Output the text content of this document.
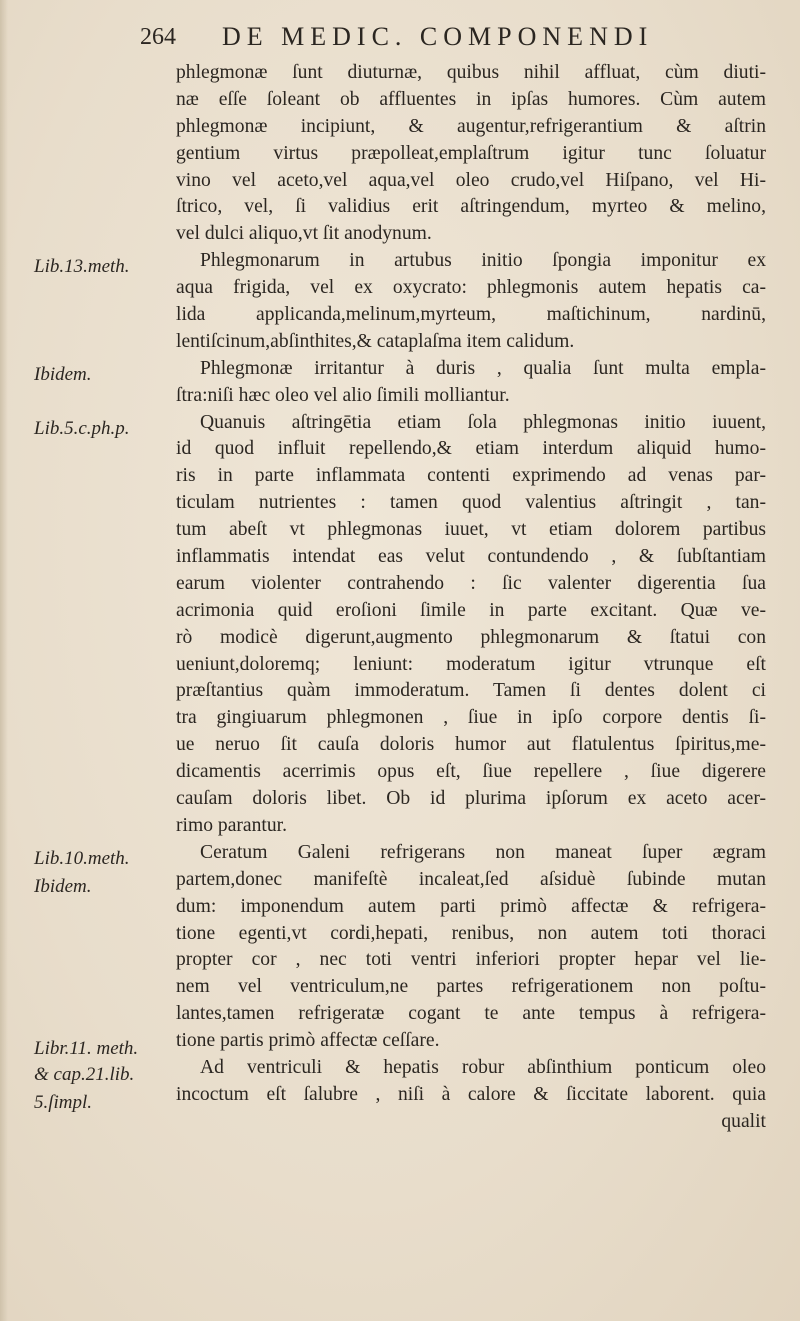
264 DE MEDIC. COMPONENDI
phlegmonæ ſunt diuturnæ, quibus nihil affluat, cùm diuti-
næ eſſe ſoleant ob affluentes in ipſas humores. Cùm autem
phlegmonæ incipiunt, & augentur,refrigerantium & aſtrin
gentium virtus præpolleat,emplaſtrum igitur tunc ſoluatur
vino vel aceto,vel aqua,vel oleo crudo,vel Hiſpano, vel Hi-
ſtrico, vel, ſi validius erit aſtringendum, myrteo & melino,
vel dulci aliquo,vt ſit anodynum.
Phlegmonarum in artubus initio ſpongia imponitur ex
aqua frigida, vel ex oxycrato: phlegmonis autem hepatis ca-
lida applicanda,melinum,myrteum, maſtichinum, nardinū,
lentiſcinum,abſinthites,& cataplaſma item calidum.
Phlegmonæ irritantur à duris , qualia ſunt multa empla-
ſtra:niſi hæc oleo vel alio ſimili molliantur.
Quanuis aſtringētia etiam ſola phlegmonas initio iuuent,
id quod influit repellendo,& etiam interdum aliquid humo-
ris in parte inflammata contenti exprimendo ad venas par-
ticulam nutrientes : tamen quod valentius aſtringit , tan-
tum abeſt vt phlegmonas iuuet, vt etiam dolorem partibus
inflammatis intendat eas velut contundendo , & ſubſtantiam
earum violenter contrahendo : ſic valenter digerentia ſua
acrimonia quid eroſioni ſimile in parte excitant. Quæ ve-
rò modicè digerunt,augmento phlegmonarum & ſtatui con
ueniunt,doloremq; leniunt: moderatum igitur vtrunque eſt
præſtantius quàm immoderatum. Tamen ſi dentes dolent ci
tra gingiuarum phlegmonen , ſiue in ipſo corpore dentis ſi-
ue neruo ſit cauſa doloris humor aut flatulentus ſpiritus,me-
dicamentis acerrimis opus eſt, ſiue repellere , ſiue digerere
cauſam doloris libet. Ob id plurima ipſorum ex aceto acer-
rimo parantur.
Ceratum Galeni refrigerans non maneat ſuper ægram
partem,donec manifeſtè incaleat,ſed aſsiduè ſubinde mutan
dum: imponendum autem parti primò affectæ & refrigera-
tione egenti,vt cordi,hepati, renibus, non autem toti thoraci
propter cor , nec toti ventri inferiori propter hepar vel lie-
nem vel ventriculum,ne partes refrigerationem non poſtu-
lantes,tamen refrigeratæ cogant te ante tempus à refrigera-
tione partis primò affectæ ceſſare.
Ad ventriculi & hepatis robur abſinthium ponticum oleo
incoctum eſt ſalubre , niſi à calore & ſiccitate laborent. quia
qualit
Lib.13.meth.
Ibidem.
Lib.5.c.ph.p.
Lib.10.meth.
Ibidem.
Libr.11. meth.
& cap.21.lib.
5.ſimpl.
